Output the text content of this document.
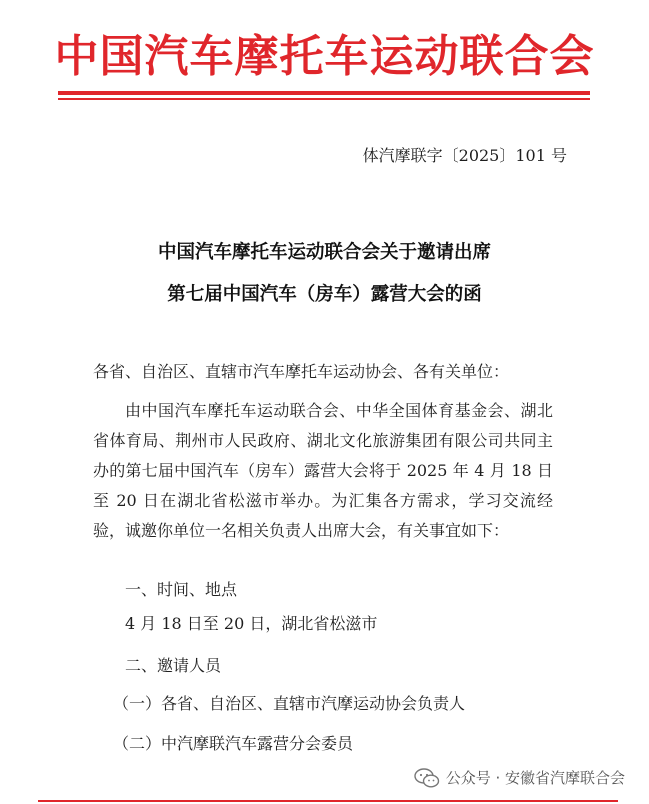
中国汽车摩托车运动联合会
体汽摩联字〔2025〕101 号
中国汽车摩托车运动联合会关于邀请出席
第七届中国汽车（房车）露营大会的函
各省、自治区、直辖市汽车摩托车运动协会、各有关单位：
由中国汽车摩托车运动联合会、中华全国体育基金会、湖北省体育局、荆州市人民政府、湖北文化旅游集团有限公司共同主办的第七届中国汽车（房车）露营大会将于 2025 年 4 月 18 日至 20 日在湖北省松滋市举办。为汇集各方需求，学习交流经验，诚邀你单位一名相关负责人出席大会，有关事宜如下：
一、时间、地点
4 月 18 日至 20 日，湖北省松滋市
二、邀请人员
（一）各省、自治区、直辖市汽摩运动协会负责人
（二）中汽摩联汽车露营分会委员
公众号 · 安徽省汽摩联合会
